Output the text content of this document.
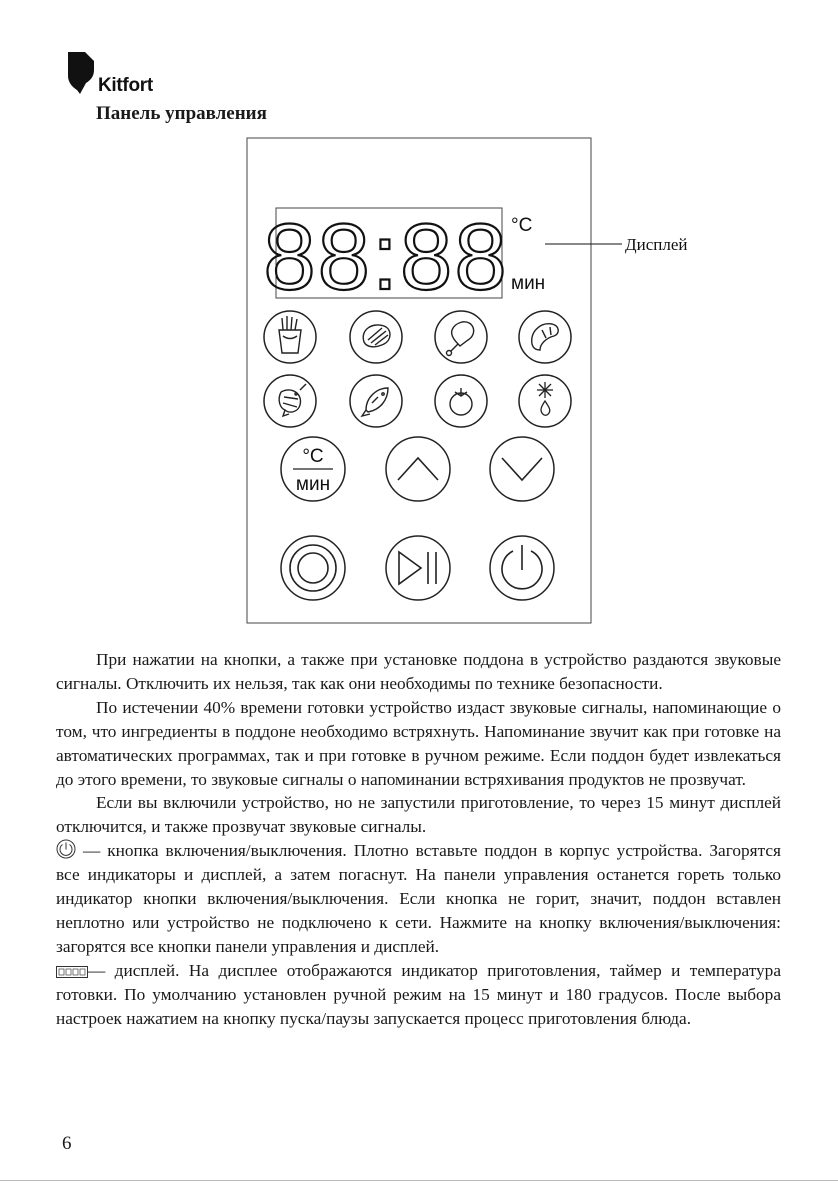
Kitfort
Панель управления
88:88 °C
мин
Дисплей
°C
мин

При нажатии на кнопки, а также при установке поддона в устройство раздаются звуковые сигналы. Отключить их нельзя, так как они необходимы по технике безопасности.

По истечении 40% времени готовки устройство издаст звуковые сигналы, напоминающие о том, что ингредиенты в поддоне необходимо встряхнуть. Напоминание звучит как при готовке на автоматических программах, так и при готовке в ручном режиме. Если поддон будет извлекаться до этого времени, то звуковые сигналы о напоминании встряхивания продуктов не прозвучат.

Если вы включили устройство, но не запустили приготовление, то через 15 минут дисплей отключится, и также прозвучат звуковые сигналы.

— кнопка включения/выключения. Плотно вставьте поддон в корпус устройства. Загорятся все индикаторы и дисплей, а затем погаснут. На панели управления останется гореть только индикатор кнопки включения/выключения. Если кнопка не горит, значит, поддон вставлен неплотно или устройство не подключено к сети. Нажмите на кнопку включения/выключения: загорятся все кнопки панели управления и дисплей.

— дисплей. На дисплее отображаются индикатор приготовления, таймер и температура готовки. По умолчанию установлен ручной режим на 15 минут и 180 градусов. После выбора настроек нажатием на кнопку пуска/паузы запускается процесс приготовления блюда.

6
